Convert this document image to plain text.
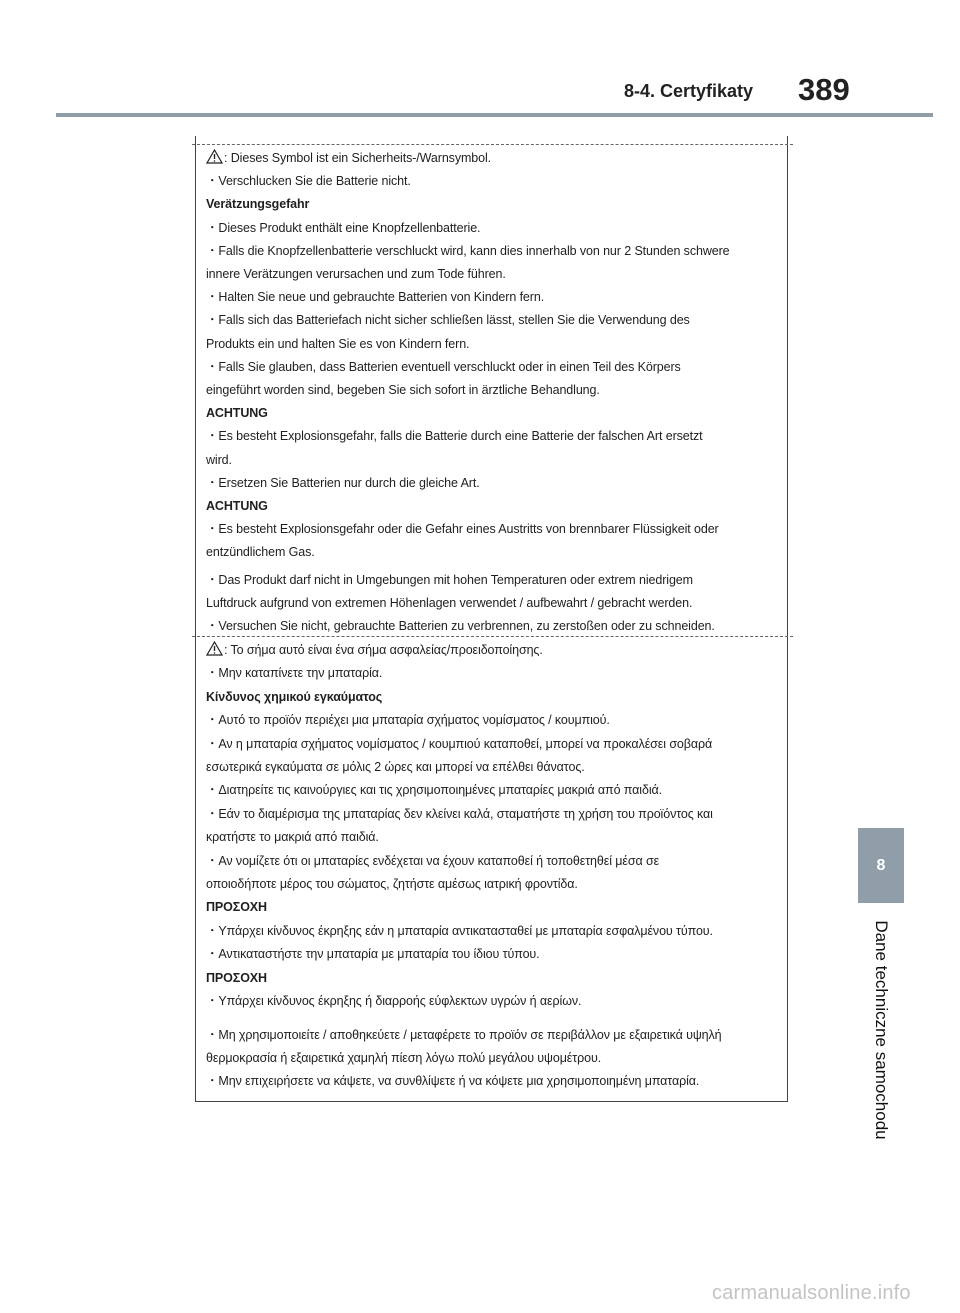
8-4. Certyfikaty	389
: Dieses Symbol ist ein Sicherheits-/Warnsymbol.
・Verschlucken Sie die Batterie nicht.
Verätzungsgefahr
・Dieses Produkt enthält eine Knopfzellenbatterie.
・Falls die Knopfzellenbatterie verschluckt wird, kann dies innerhalb von nur 2 Stunden schwere
innere Verätzungen verursachen und zum Tode führen.
・Halten Sie neue und gebrauchte Batterien von Kindern fern.
・Falls sich das Batteriefach nicht sicher schließen lässt, stellen Sie die Verwendung des
Produkts ein und halten Sie es von Kindern fern.
・Falls Sie glauben, dass Batterien eventuell verschluckt oder in einen Teil des Körpers
eingeführt worden sind, begeben Sie sich sofort in ärztliche Behandlung.
ACHTUNG
・Es besteht Explosionsgefahr, falls die Batterie durch eine Batterie der falschen Art ersetzt
wird.
・Ersetzen Sie Batterien nur durch die gleiche Art.
ACHTUNG
・Es besteht Explosionsgefahr oder die Gefahr eines Austritts von brennbarer Flüssigkeit oder
entzündlichem Gas.
・Das Produkt darf nicht in Umgebungen mit hohen Temperaturen oder extrem niedrigem
Luftdruck aufgrund von extremen Höhenlagen verwendet / aufbewahrt / gebracht werden.
・Versuchen Sie nicht, gebrauchte Batterien zu verbrennen, zu zerstoßen oder zu schneiden.
: Το σήμα αυτό είναι ένα σήμα ασφαλείας/προειδοποίησης.
・Μην καταπίνετε την μπαταρία.
Κίνδυνος χημικού εγκαύματος
・Αυτό το προϊόν περιέχει μια μπαταρία σχήματος νομίσματος / κουμπιού.
・Αν η μπαταρία σχήματος νομίσματος / κουμπιού καταποθεί, μπορεί να προκαλέσει σοβαρά
εσωτερικά εγκαύματα σε μόλις 2 ώρες και μπορεί να επέλθει θάνατος.
・Διατηρείτε τις καινούργιες και τις χρησιμοποιημένες μπαταρίες μακριά από παιδιά.
・Εάν το διαμέρισμα της μπαταρίας δεν κλείνει καλά, σταματήστε τη χρήση του προϊόντος και
κρατήστε το μακριά από παιδιά.
・Αν νομίζετε ότι οι μπαταρίες ενδέχεται να έχουν καταποθεί ή τοποθετηθεί μέσα σε
οποιοδήποτε μέρος του σώματος, ζητήστε αμέσως ιατρική φροντίδα.
ΠΡΟΣΟΧΗ
・Υπάρχει κίνδυνος έκρηξης εάν η μπαταρία αντικατασταθεί με μπαταρία εσφαλμένου τύπου.
・Αντικαταστήστε την μπαταρία με μπαταρία του ίδιου τύπου.
ΠΡΟΣΟΧΗ
・Υπάρχει κίνδυνος έκρηξης ή διαρροής εύφλεκτων υγρών ή αερίων.
・Μη χρησιμοποιείτε / αποθηκεύετε / μεταφέρετε το προϊόν σε περιβάλλον με εξαιρετικά υψηλή
θερμοκρασία ή εξαιρετικά χαμηλή πίεση λόγω πολύ μεγάλου υψομέτρου.
・Μην επιχειρήσετε να κάψετε, να συνθλίψετε ή να κόψετε μια χρησιμοποιημένη μπαταρία.
8
Dane techniczne samochodu
carmanualsonline.info
